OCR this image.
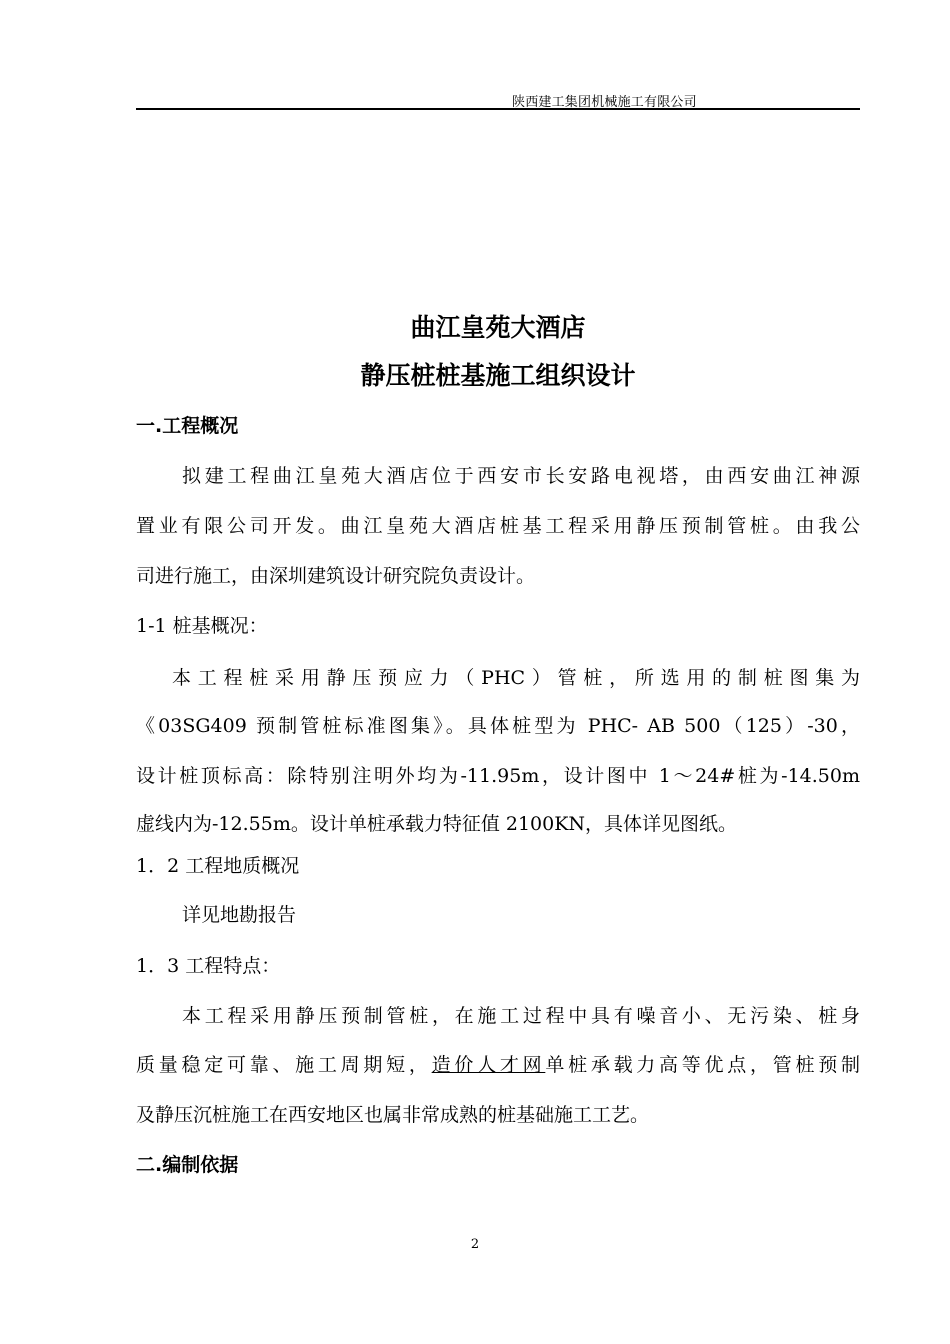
陕西建工集团机械施工有限公司
曲江皇苑大酒店
静压桩桩基施工组织设计
一.工程概况
拟建工程曲江皇苑大酒店位于西安市长安路电视塔，由西安曲江神源
置业有限公司开发。曲江皇苑大酒店桩基工程采用静压预制管桩。由我公
司进行施工，由深圳建筑设计研究院负责设计。
1-1 桩基概况：
本工程桩采用静压预应力（PHC）管桩，所选用的制桩图集为
《03SG409 预制管桩标准图集》。具体桩型为 PHC- AB 500（125）-30，
设计桩顶标高：除特别注明外均为-11.95m，设计图中 1～24#桩为-14.50m
虚线内为-12.55m。设计单桩承载力特征值 2100KN，具体详见图纸。
1．2 工程地质概况
详见地勘报告
1．3 工程特点：
本工程采用静压预制管桩，在施工过程中具有噪音小、无污染、桩身
质量稳定可靠、施工周期短，造价人才网单桩承载力高等优点，管桩预制
及静压沉桩施工在西安地区也属非常成熟的桩基础施工工艺。
二.编制依据
2
